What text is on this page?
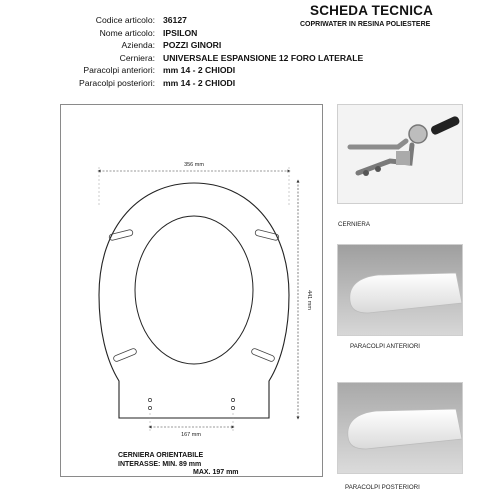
Codice articolo: 36127
Nome articolo: IPSILON
Azienda: POZZI GINORI
Cerniera: UNIVERSALE ESPANSIONE 12 FORO LATERALE
Paracolpi anteriori: mm 14 - 2 CHIODI
Paracolpi posteriori: mm 14 - 2 CHIODI
SCHEDA TECNICA
COPRIWATER IN RESINA POLIESTERE
356 mm
441 mm
167 mm
CERNIERA ORIENTABILE
INTERASSE: MIN. 89 mm
MAX. 197 mm
CERNIERA
PARACOLPI ANTERIORI
PARACOLPI POSTERIORI
